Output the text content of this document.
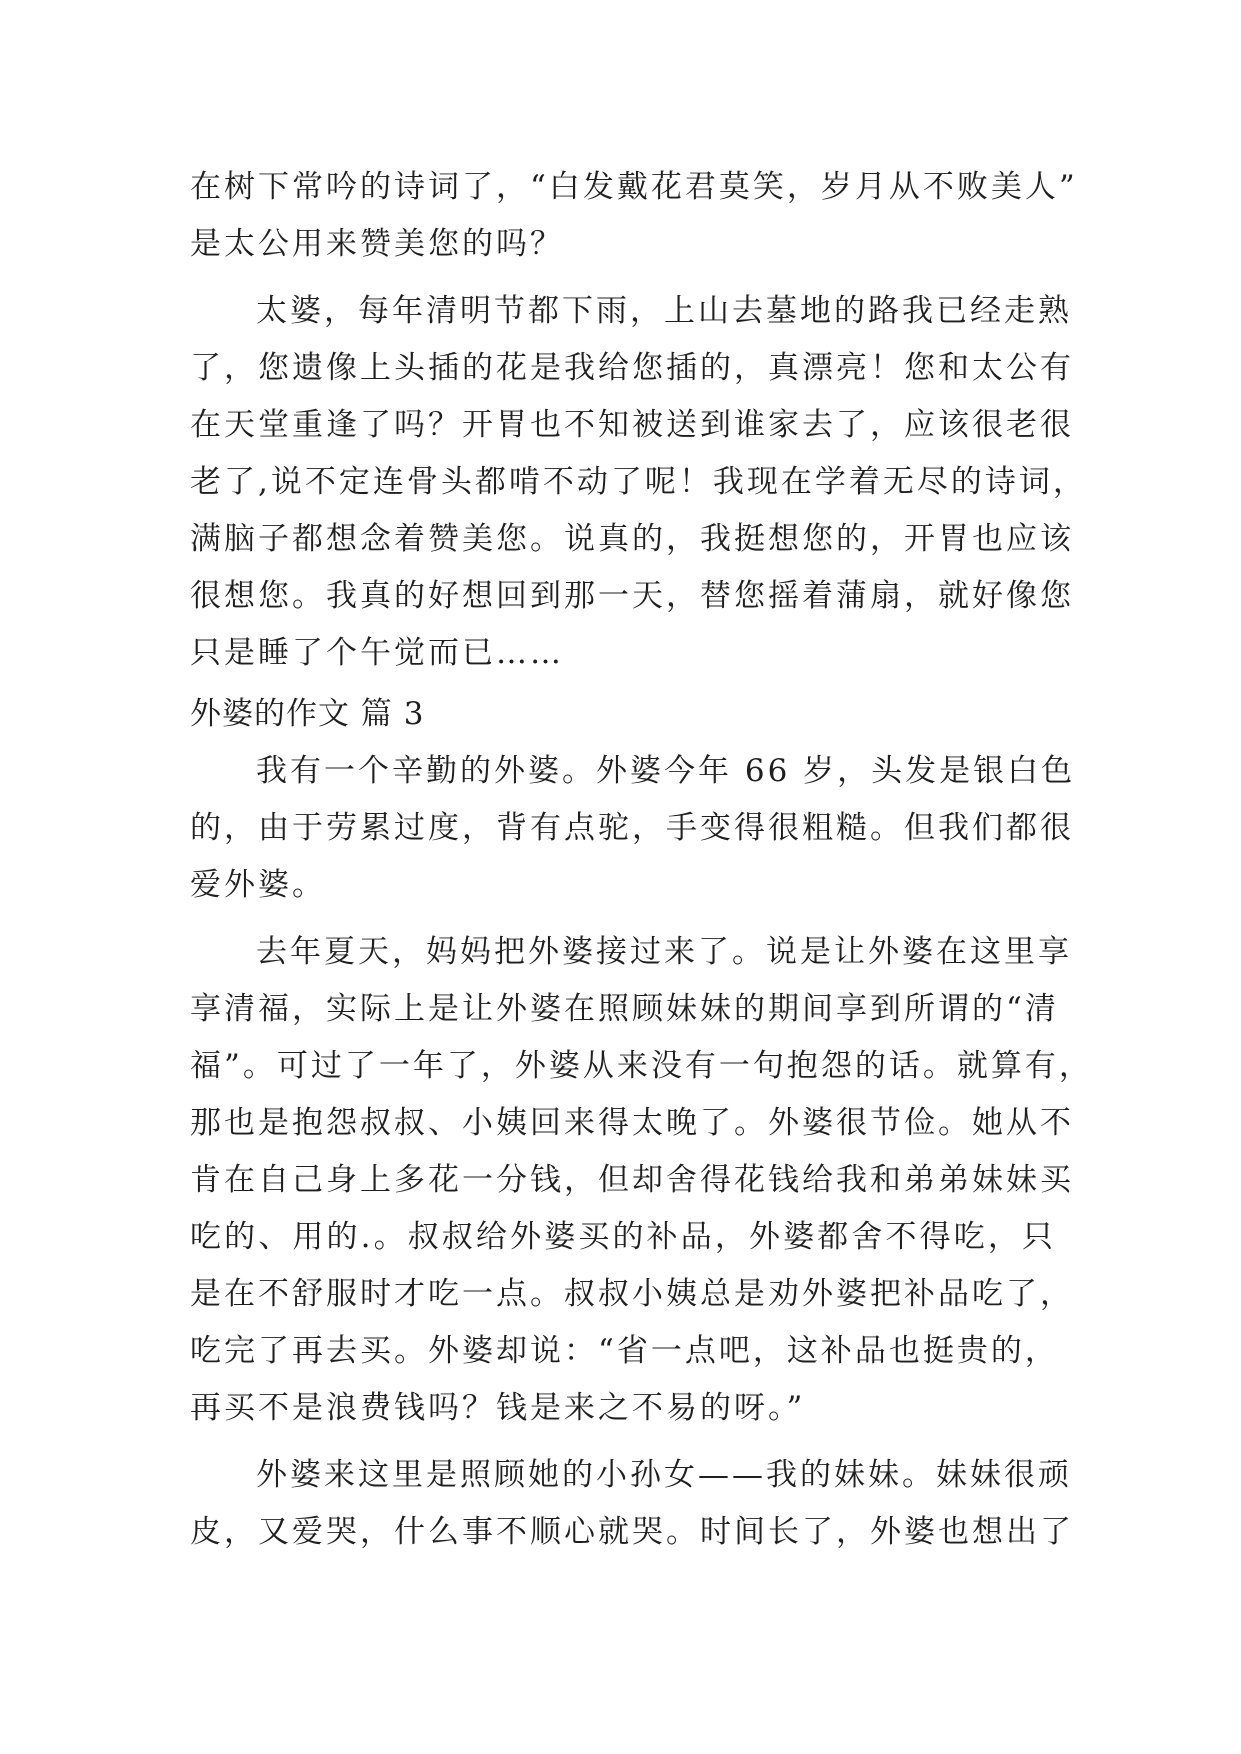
在树下常吟的诗词了，“白发戴花君莫笑，岁月从不败美人”
是太公用来赞美您的吗？
太婆，每年清明节都下雨，上山去墓地的路我已经走熟
了，您遗像上头插的花是我给您插的，真漂亮！您和太公有
在天堂重逢了吗？开胃也不知被送到谁家去了，应该很老很
老了,说不定连骨头都啃不动了呢！我现在学着无尽的诗词，
满脑子都想念着赞美您。说真的，我挺想您的，开胃也应该
很想您。我真的好想回到那一天，替您摇着蒲扇，就好像您
只是睡了个午觉而已……
外婆的作文 篇 3
我有一个辛勤的外婆。外婆今年 66 岁，头发是银白色
的，由于劳累过度，背有点驼，手变得很粗糙。但我们都很
爱外婆。
去年夏天，妈妈把外婆接过来了。说是让外婆在这里享
享清福，实际上是让外婆在照顾妹妹的期间享到所谓的“清
福”。可过了一年了，外婆从来没有一句抱怨的话。就算有，
那也是抱怨叔叔、小姨回来得太晚了。外婆很节俭。她从不
肯在自己身上多花一分钱，但却舍得花钱给我和弟弟妹妹买
吃的、用的.。叔叔给外婆买的补品，外婆都舍不得吃，只
是在不舒服时才吃一点。叔叔小姨总是劝外婆把补品吃了，
吃完了再去买。外婆却说：“省一点吧，这补品也挺贵的，
再买不是浪费钱吗？钱是来之不易的呀。”
外婆来这里是照顾她的小孙女——我的妹妹。妹妹很顽
皮，又爱哭，什么事不顺心就哭。时间长了，外婆也想出了
